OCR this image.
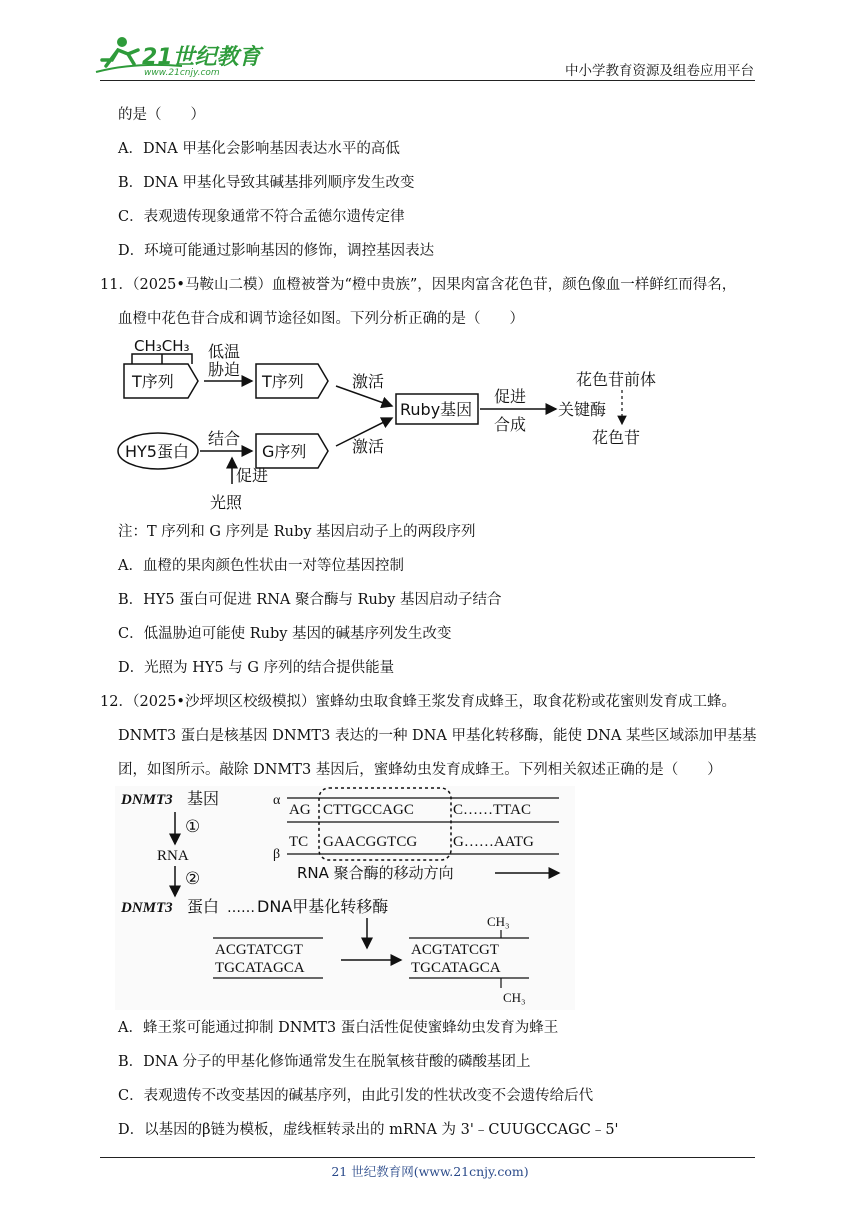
21世纪教育
www.21cnjy.com	中小学教育资源及组卷应用平台
的是（　　）
A．DNA 甲基化会影响基因表达水平的高低
B．DNA 甲基化导致其碱基排列顺序发生改变
C．表观遗传现象通常不符合孟德尔遗传定律
D．环境可能通过影响基因的修饰，调控基因表达
11．
（2025•马鞍山二模）血橙被誉为“橙中贵族”，因果肉富含花色苷，颜色像血一样鲜红而得名，
血橙中花色苷合成和调节途径如图。下列分析正确的是（　　）
CH₃CH₃
T序列
低温
胁迫
T序列	激活
Ruby基因
促进
合成
关键酶
花色苷前体
花色苷
HY5蛋白
结合
G序列	激活
促进
光照
注：T 序列和 G 序列是 Ruby 基因启动子上的两段序列
A．血橙的果肉颜色性状由一对等位基因控制
B．HY5 蛋白可促进 RNA 聚合酶与 Ruby 基因启动子结合
C．低温胁迫可能使 Ruby 基因的碱基序列发生改变
D．光照为 HY5 与 G 序列的结合提供能量
12．
（2025•沙坪坝区校级模拟）蜜蜂幼虫取食蜂王浆发育成蜂王，取食花粉或花蜜则发育成工蜂。
DNMT3 蛋白是核基因 DNMT3 表达的一种 DNA 甲基化转移酶，能使 DNA 某些区域添加甲基基
团，如图所示。敲除 DNMT3 基因后，蜜蜂幼虫发育成蜂王。下列相关叙述正确的是（　　）
DNMT3 基因
①
RNA
②
DNMT3 蛋白 …… DNA甲基化转移酶
α
AG CTTGCCAGC	C……TTAC
TC GAACGGTCG G……AATG
β
RNA 聚合酶的移动方向
ACGTATCGT
TGCATAGCA
CH₃
ACGTATCGT
TGCATAGCA
CH₃
A．蜂王浆可能通过抑制 DNMT3 蛋白活性促使蜜蜂幼虫发育为蜂王
B．DNA 分子的甲基化修饰通常发生在脱氧核苷酸的磷酸基团上
C．表观遗传不改变基因的碱基序列，由此引发的性状改变不会遗传给后代
D．以基因的β链为模板，虚线框转录出的 mRNA 为 3'﹣CUUGCCAGC﹣5'
21 世纪教育网(www.21cnjy.com)
